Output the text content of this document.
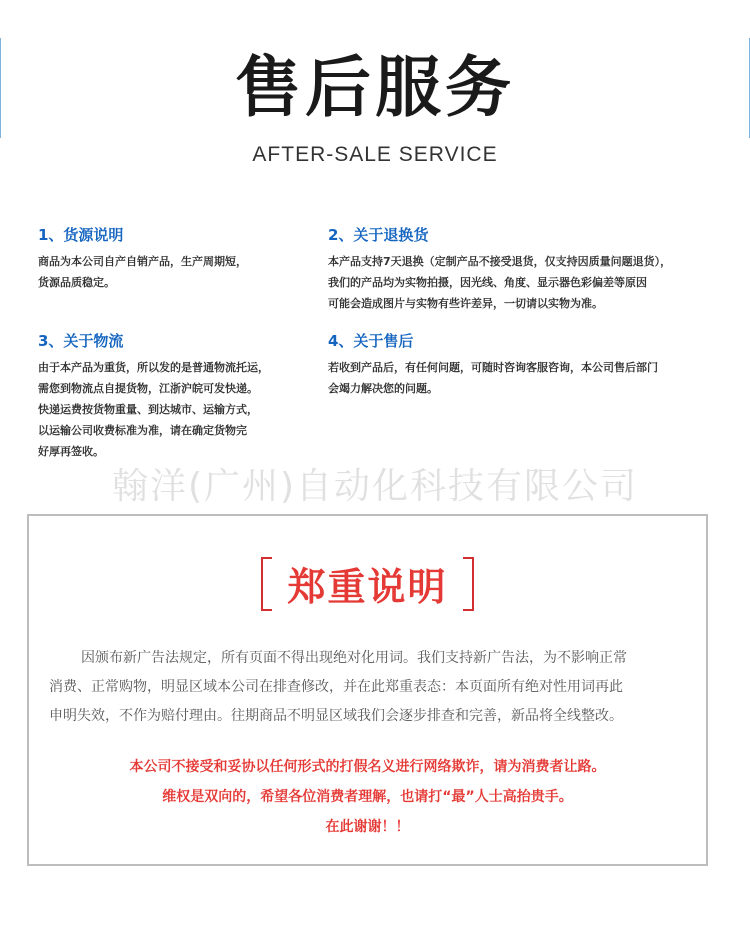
售后服务
AFTER-SALE SERVICE
1、货源说明
商品为本公司自产自销产品，生产周期短，
货源品质稳定。
2、关于退换货
本产品支持7天退换（定制产品不接受退货，仅支持因质量问题退货），
我们的产品均为实物拍摄，因光线、角度、显示器色彩偏差等原因
可能会造成图片与实物有些许差异，一切请以实物为准。
3、关于物流
由于本产品为重货，所以发的是普通物流托运，
需您到物流点自提货物，江浙沪皖可发快递。
快递运费按货物重量、到达城市、运输方式，
以运输公司收费标准为准，请在确定货物完
好厚再签收。
4、关于售后
若收到产品后，有任何问题，可随时咨询客服咨询，本公司售后部门
会竭力解决您的问题。
翰洋(广州)自动化科技有限公司
郑重说明
因颁布新广告法规定，所有页面不得出现绝对化用词。我们支持新广告法，为不影响正常
消费、正常购物，明显区域本公司在排查修改，并在此郑重表态：本页面所有绝对性用词再此
申明失效，不作为赔付理由。往期商品不明显区域我们会逐步排查和完善，新品将全线整改。
本公司不接受和妥协以任何形式的打假名义进行网络欺诈，请为消费者让路。
维权是双向的，希望各位消费者理解，也请打“最”人士高抬贵手。
在此谢谢！！
